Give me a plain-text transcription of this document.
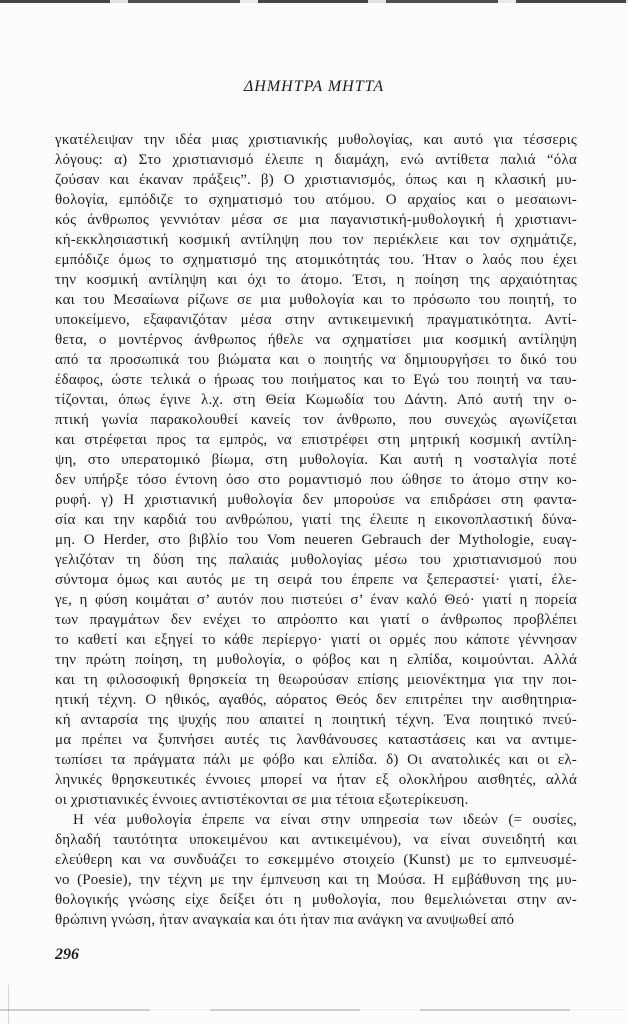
ΔΗΜΗΤΡΑ ΜΗΤΤΑ
γκατέλειψαν την ιδέα μιας χριστιανικής μυθολογίας, και αυτό για τέσσερις
λόγους: α) Στο χριστιανισμό έλειπε η διαμάχη, ενώ αντίθετα παλιά “όλα
ζούσαν και έκαναν πράξεις”. β) Ο χριστιανισμός, όπως και η κλασική μυ-
θολογία, εμπόδιζε το σχηματισμό του ατόμου. Ο αρχαίος και ο μεσαιωνι-
κός άνθρωπος γεννιόταν μέσα σε μια παγανιστική-μυθολογική ή χριστιανι-
κή-εκκλησιαστική κοσμική αντίληψη που τον περιέκλειε και τον σχημάτιζε,
εμπόδιζε όμως το σχηματισμό της ατομικότητάς του. Ήταν ο λαός που έχει
την κοσμική αντίληψη και όχι το άτομο. Έτσι, η ποίηση της αρχαιότητας
και του Μεσαίωνα ρίζωνε σε μια μυθολογία και το πρόσωπο του ποιητή, το
υποκείμενο, εξαφανιζόταν μέσα στην αντικειμενική πραγματικότητα. Αντί-
θετα, ο μοντέρνος άνθρωπος ήθελε να σχηματίσει μια κοσμική αντίληψη
από τα προσωπικά του βιώματα και ο ποιητής να δημιουργήσει το δικό του
έδαφος, ώστε τελικά ο ήρωας του ποιήματος και το Εγώ του ποιητή να ταυ-
τίζονται, όπως έγινε λ.χ. στη Θεία Κωμωδία του Δάντη. Από αυτή την ο-
πτική γωνία παρακολουθεί κανείς τον άνθρωπο, που συνεχώς αγωνίζεται
και στρέφεται προς τα εμπρός, να επιστρέφει στη μητρική κοσμική αντίλη-
ψη, στο υπερατομικό βίωμα, στη μυθολογία. Και αυτή η νοσταλγία ποτέ
δεν υπήρξε τόσο έντονη όσο στο ρομαντισμό που ώθησε το άτομο στην κο-
ρυφή. γ) Η χριστιανική μυθολογία δεν μπορούσε να επιδράσει στη φαντα-
σία και την καρδιά του ανθρώπου, γιατί της έλειπε η εικονοπλαστική δύνα-
μη. Ο Herder, στο βιβλίο του Vom neueren Gebrauch der Mythologie, ευαγ-
γελιζόταν τη δύση της παλαιάς μυθολογίας μέσω του χριστιανισμού που
σύντομα όμως και αυτός με τη σειρά του έπρεπε να ξεπεραστεί· γιατί, έλε-
γε, η φύση κοιμάται σ’ αυτόν που πιστεύει σ’ έναν καλό Θεό· γιατί η πορεία
των πραγμάτων δεν ενέχει το απρόοπτο και γιατί ο άνθρωπος προβλέπει
το καθετί και εξηγεί το κάθε περίεργο· γιατί οι ορμές που κάποτε γέννησαν
την πρώτη ποίηση, τη μυθολογία, ο φόβος και η ελπίδα, κοιμούνται. Αλλά
και τη φιλοσοφική θρησκεία τη θεωρούσαν επίσης μειονέκτημα για την ποι-
ητική τέχνη. Ο ηθικός, αγαθός, αόρατος Θεός δεν επιτρέπει την αισθητηρια-
κή ανταρσία της ψυχής που απαιτεί η ποιητική τέχνη. Ένα ποιητικό πνεύ-
μα πρέπει να ξυπνήσει αυτές τις λανθάνουσες καταστάσεις και να αντιμε-
τωπίσει τα πράγματα πάλι με φόβο και ελπίδα. δ) Οι ανατολικές και οι ελ-
ληνικές θρησκευτικές έννοιες μπορεί να ήταν εξ ολοκλήρου αισθητές, αλλά
οι χριστιανικές έννοιες αντιστέκονται σε μια τέτοια εξωτερίκευση.
Η νέα μυθολογία έπρεπε να είναι στην υπηρεσία των ιδεών (= ουσίες,
δηλαδή ταυτότητα υποκειμένου και αντικειμένου), να είναι συνειδητή και
ελεύθερη και να συνδυάζει το εσκεμμένο στοιχείο (Kunst) με το εμπνευσμέ-
νο (Poesie), την τέχνη με την έμπνευση και τη Μούσα. Η εμβάθυνση της μυ-
θολογικής γνώσης είχε δείξει ότι η μυθολογία, που θεμελιώνεται στην αν-
θρώπινη γνώση, ήταν αναγκαία και ότι ήταν πια ανάγκη να ανυψωθεί από
296
